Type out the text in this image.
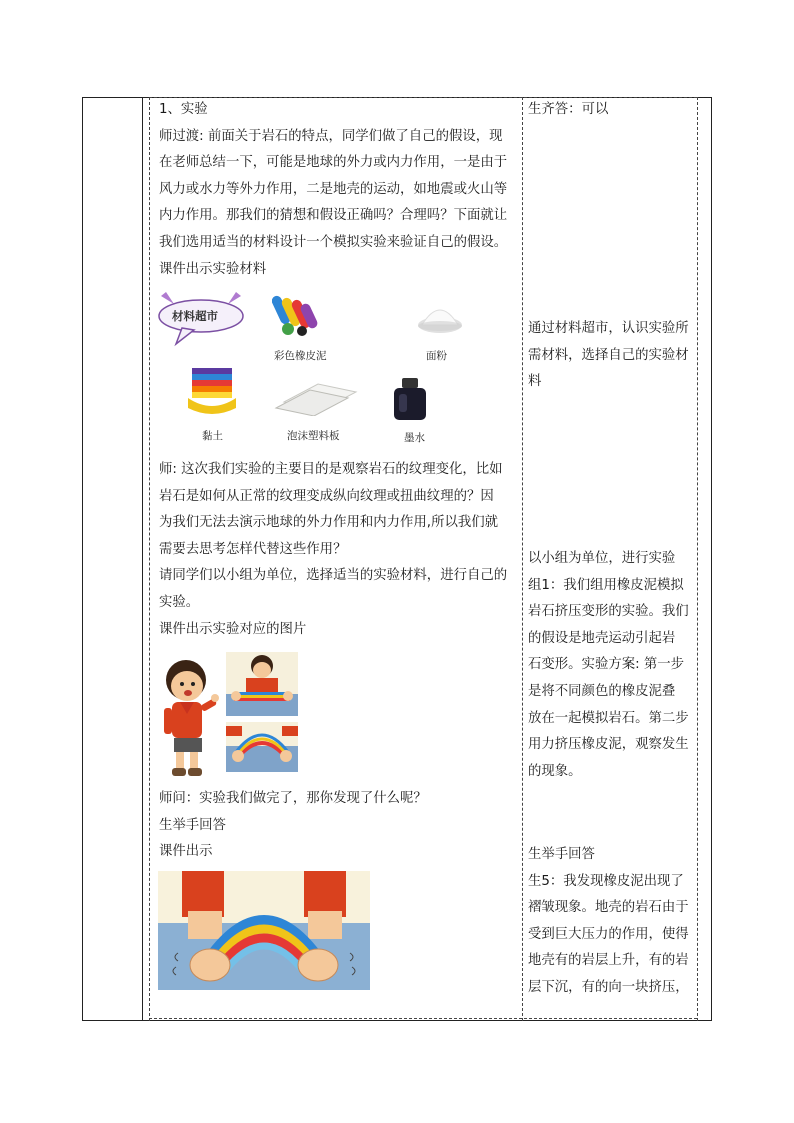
1、实验

师过渡: 前面关于岩石的特点，同学们做了自己的假设，现

在老师总结一下，可能是地球的外力或内力作用，一是由于

风力或水力等外力作用，二是地壳的运动，如地震或火山等

内力作用。那我们的猜想和假设正确吗？合理吗？下面就让

我们选用适当的材料设计一个模拟实验来验证自己的假设。

课件出示实验材料

材料超市
彩色橡皮泥	面粉
黏土	泡沫塑料板	墨水

师: 这次我们实验的主要目的是观察岩石的纹理变化，比如

岩石是如何从正常的纹理变成纵向纹理或扭曲纹理的？因

为我们无法去演示地球的外力作用和内力作用,所以我们就

需要去思考怎样代替这些作用？

请同学们以小组为单位，选择适当的实验材料，进行自己的

实验。

课件出示实验对应的图片

师问：实验我们做完了，那你发现了什么呢？

生举手回答

课件出示

生齐答：可以

通过材料超市，认识实验所

需材料，选择自己的实验材

料

以小组为单位，进行实验

组1：我们组用橡皮泥模拟

岩石挤压变形的实验。我们

的假设是地壳运动引起岩

石变形。实验方案: 第一步

是将不同颜色的橡皮泥叠

放在一起模拟岩石。第二步

用力挤压橡皮泥，观察发生

的现象。

生举手回答

生5：我发现橡皮泥出现了

褶皱现象。地壳的岩石由于

受到巨大压力的作用，使得

地壳有的岩层上升，有的岩

层下沉，有的向一块挤压，
